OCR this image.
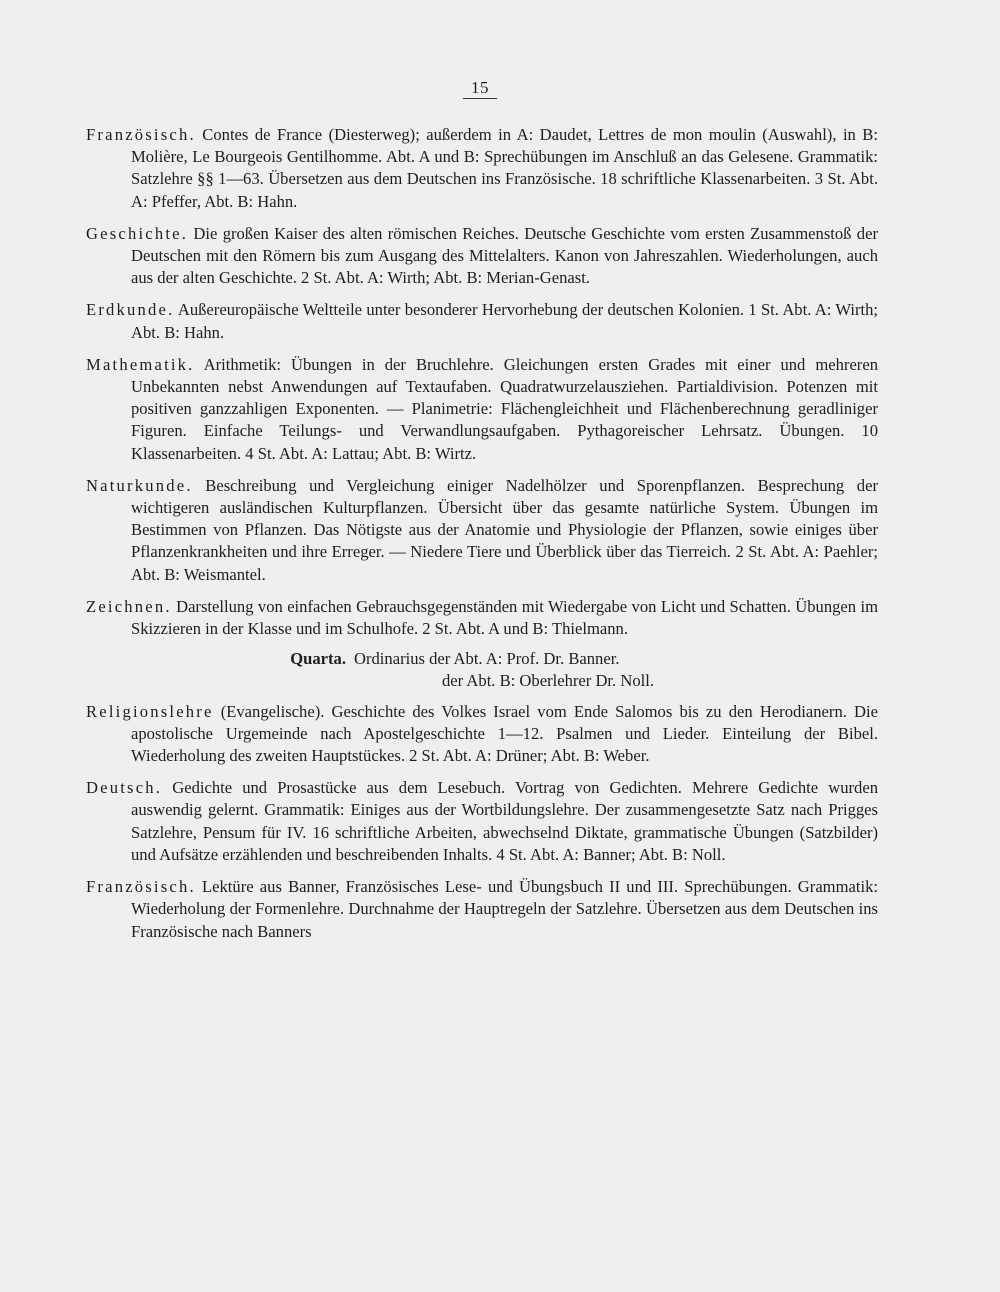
15

Französisch. Contes de France (Diesterweg); außerdem in A: Daudet, Lettres de mon moulin (Auswahl), in B: Molière, Le Bourgeois Gentilhomme. Abt. A und B: Sprechübungen im Anschluß an das Gelesene. Grammatik: Satzlehre §§ 1—63. Übersetzen aus dem Deutschen ins Französische. 18 schriftliche Klassenarbeiten. 3 St. Abt. A: Pfeffer, Abt. B: Hahn.

Geschichte. Die großen Kaiser des alten römischen Reiches. Deutsche Geschichte vom ersten Zusammenstoß der Deutschen mit den Römern bis zum Ausgang des Mittelalters. Kanon von Jahreszahlen. Wiederholungen, auch aus der alten Geschichte. 2 St. Abt. A: Wirth; Abt. B: Merian-Genast.

Erdkunde. Außereuropäische Weltteile unter besonderer Hervorhebung der deutschen Kolonien. 1 St. Abt. A: Wirth; Abt. B: Hahn.

Mathematik. Arithmetik: Übungen in der Bruchlehre. Gleichungen ersten Grades mit einer und mehreren Unbekannten nebst Anwendungen auf Textaufaben. Quadratwurzelausziehen. Partialdivision. Potenzen mit positiven ganzzahligen Exponenten. — Planimetrie: Flächengleichheit und Flächenberechnung geradliniger Figuren. Einfache Teilungs- und Verwandlungsaufgaben. Pythagoreischer Lehrsatz. Übungen. 10 Klassenarbeiten. 4 St. Abt. A: Lattau; Abt. B: Wirtz.

Naturkunde. Beschreibung und Vergleichung einiger Nadelhölzer und Sporenpflanzen. Besprechung der wichtigeren ausländischen Kulturpflanzen. Übersicht über das gesamte natürliche System. Übungen im Bestimmen von Pflanzen. Das Nötigste aus der Anatomie und Physiologie der Pflanzen, sowie einiges über Pflanzenkrankheiten und ihre Erreger. — Niedere Tiere und Überblick über das Tierreich. 2 St. Abt. A: Paehler; Abt. B: Weismantel.

Zeichnen. Darstellung von einfachen Gebrauchsgegenständen mit Wiedergabe von Licht und Schatten. Übungen im Skizzieren in der Klasse und im Schulhofe. 2 St. Abt. A und B: Thielmann.

Quarta. Ordinarius der Abt. A: Prof. Dr. Banner.
der Abt. B: Oberlehrer Dr. Noll.

Religionslehre (Evangelische). Geschichte des Volkes Israel vom Ende Salomos bis zu den Herodianern. Die apostolische Urgemeinde nach Apostelgeschichte 1—12. Psalmen und Lieder. Einteilung der Bibel. Wiederholung des zweiten Hauptstückes. 2 St. Abt. A: Drüner; Abt. B: Weber.

Deutsch. Gedichte und Prosastücke aus dem Lesebuch. Vortrag von Gedichten. Mehrere Gedichte wurden auswendig gelernt. Grammatik: Einiges aus der Wortbildungslehre. Der zusammengesetzte Satz nach Prigges Satzlehre, Pensum für IV. 16 schriftliche Arbeiten, abwechselnd Diktate, grammatische Übungen (Satzbilder) und Aufsätze erzählenden und beschreibenden Inhalts. 4 St. Abt. A: Banner; Abt. B: Noll.

Französisch. Lektüre aus Banner, Französisches Lese- und Übungsbuch II und III. Sprechübungen. Grammatik: Wiederholung der Formenlehre. Durchnahme der Hauptregeln der Satzlehre. Übersetzen aus dem Deutschen ins Französische nach Banners
